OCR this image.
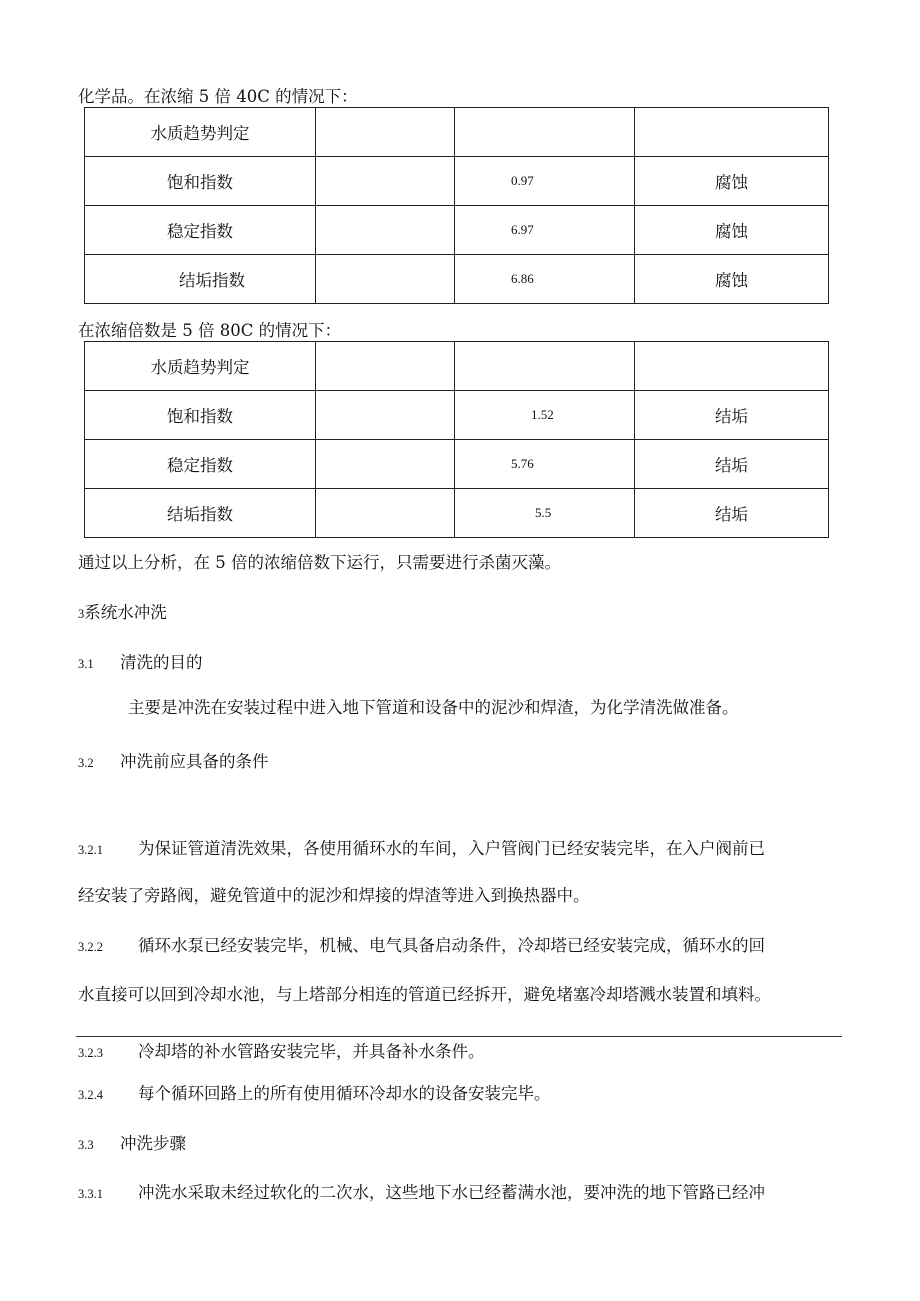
化学品。在浓缩 5 倍 40C 的情况下：
水质趋势判定			
饱和指数		0.97	腐蚀
稳定指数		6.97	腐蚀
结垢指数		6.86	腐蚀
在浓缩倍数是 5 倍 80C 的情况下：
水质趋势判定			
饱和指数		1.52	结垢
稳定指数		5.76	结垢
结垢指数		5.5	结垢
通过以上分析，在 5 倍的浓缩倍数下运行，只需要进行杀菌灭藻。
3系统水冲洗
3.1 清洗的目的
主要是冲洗在安装过程中进入地下管道和设备中的泥沙和焊渣，为化学清洗做准备。
3.2 冲洗前应具备的条件
3.2.1 为保证管道清洗效果，各使用循环水的车间，入户管阀门已经安装完毕，在入户阀前已
经安装了旁路阀，避免管道中的泥沙和焊接的焊渣等进入到换热器中。
3.2.2 循环水泵已经安装完毕，机械、电气具备启动条件，冷却塔已经安装完成，循环水的回
水直接可以回到冷却水池，与上塔部分相连的管道已经拆开，避免堵塞冷却塔溅水装置和填料。
3.2.3 冷却塔的补水管路安装完毕，并具备补水条件。
3.2.4 每个循环回路上的所有使用循环冷却水的设备安装完毕。
3.3 冲洗步骤
3.3.1 冲洗水采取未经过软化的二次水，这些地下水已经蓄满水池，要冲洗的地下管路已经冲
